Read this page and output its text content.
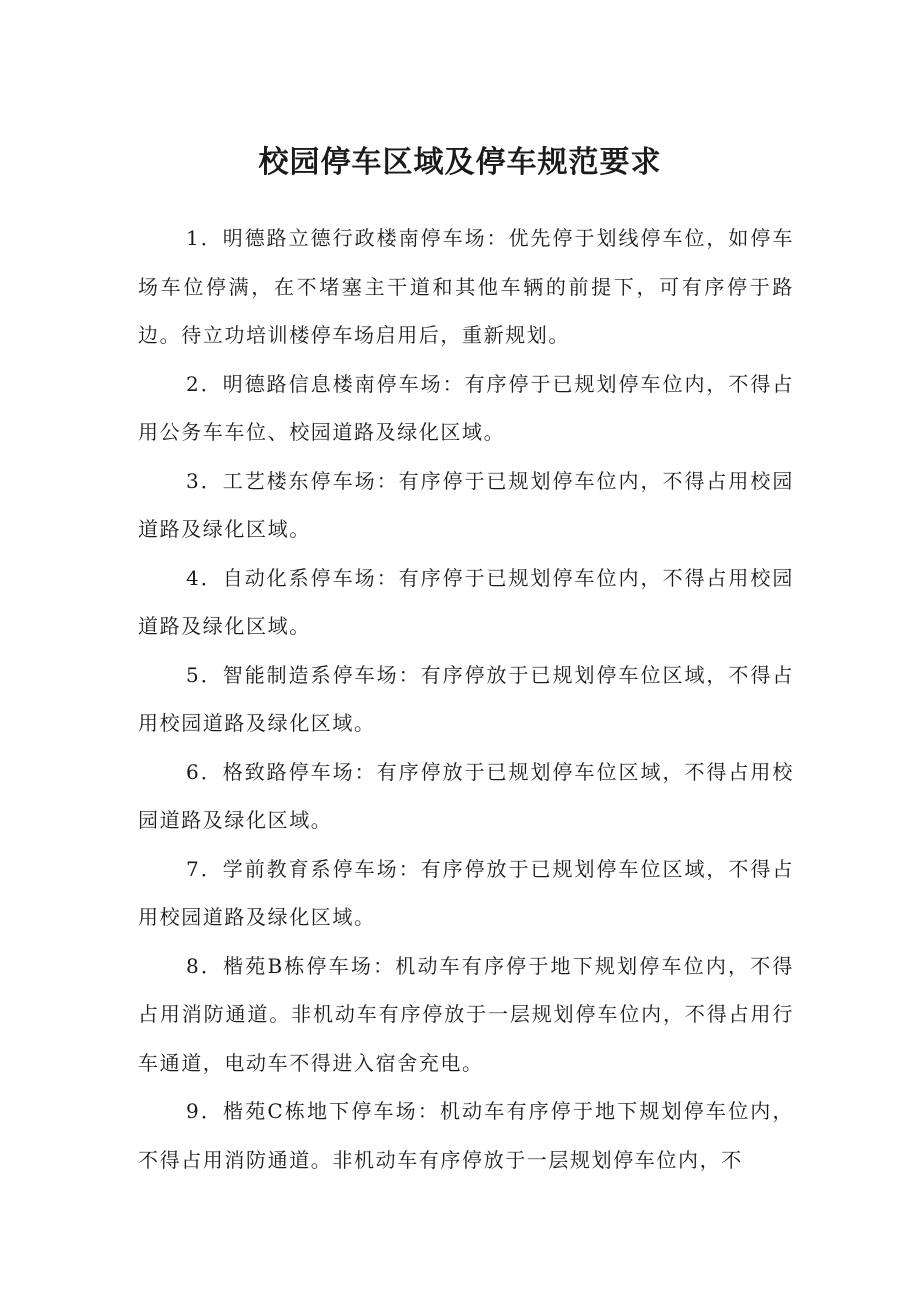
校园停车区域及停车规范要求

1．明德路立德行政楼南停车场：优先停于划线停车位，如停车场车位停满，在不堵塞主干道和其他车辆的前提下，可有序停于路边。待立功培训楼停车场启用后，重新规划。

2．明德路信息楼南停车场：有序停于已规划停车位内，不得占用公务车车位、校园道路及绿化区域。

3．工艺楼东停车场：有序停于已规划停车位内，不得占用校园道路及绿化区域。

4．自动化系停车场：有序停于已规划停车位内，不得占用校园道路及绿化区域。

5．智能制造系停车场：有序停放于已规划停车位区域，不得占用校园道路及绿化区域。

6．格致路停车场：有序停放于已规划停车位区域，不得占用校园道路及绿化区域。

7．学前教育系停车场：有序停放于已规划停车位区域，不得占用校园道路及绿化区域。

8．楷苑B栋停车场：机动车有序停于地下规划停车位内，不得占用消防通道。非机动车有序停放于一层规划停车位内，不得占用行车通道，电动车不得进入宿舍充电。

9．楷苑C栋地下停车场：机动车有序停于地下规划停车位内，不得占用消防通道。非机动车有序停放于一层规划停车位内，不
